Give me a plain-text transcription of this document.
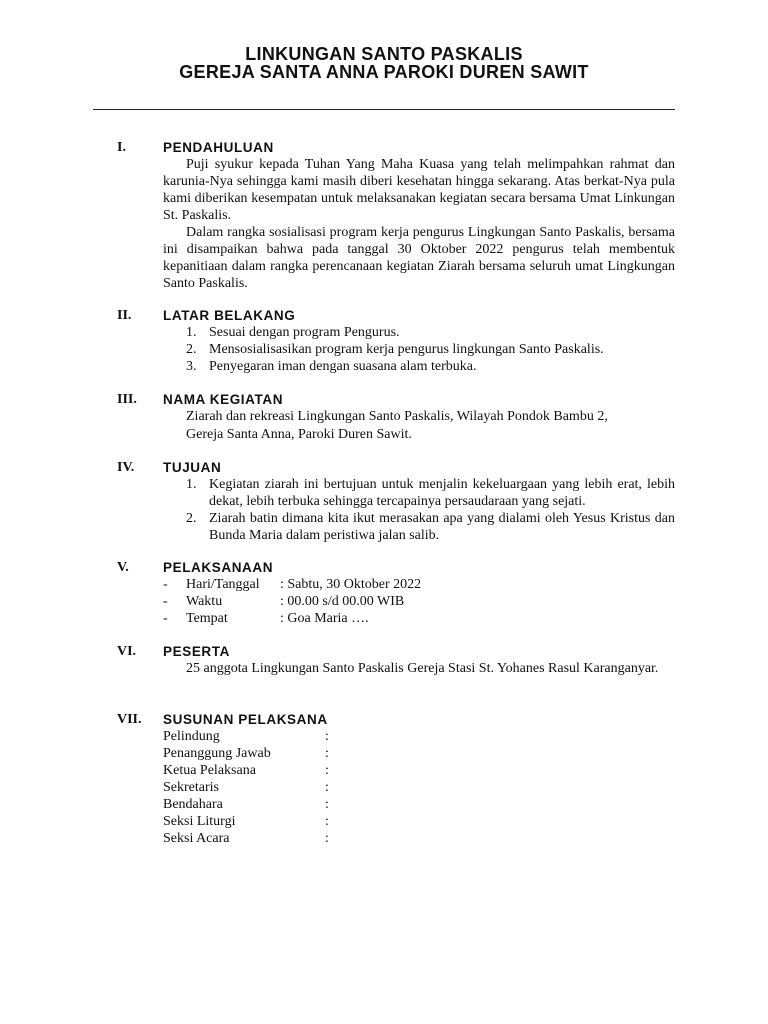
LINKUNGAN SANTO PASKALIS
GEREJA SANTA ANNA PAROKI DUREN SAWIT
I.	PENDAHULUAN
Puji syukur kepada Tuhan Yang Maha Kuasa yang telah melimpahkan rahmat dan karunia-Nya sehingga kami masih diberi kesehatan hingga sekarang. Atas berkat-Nya pula kami diberikan kesempatan untuk melaksanakan kegiatan secara bersama Umat Linkungan St. Paskalis.
Dalam rangka sosialisasi program kerja pengurus Lingkungan Santo Paskalis, bersama ini disampaikan bahwa pada tanggal 30 Oktober 2022 pengurus telah membentuk kepanitiaan dalam rangka perencanaan kegiatan Ziarah bersama seluruh umat Lingkungan Santo Paskalis.
II. LATAR BELAKANG
1. Sesuai dengan program Pengurus.
2. Mensosialisasikan program kerja pengurus lingkungan Santo Paskalis.
3. Penyegaran iman dengan suasana alam terbuka.
III. NAMA KEGIATAN
Ziarah dan rekreasi Lingkungan Santo Paskalis, Wilayah Pondok Bambu 2,
Gereja Santa Anna, Paroki Duren Sawit.
IV. TUJUAN
1. Kegiatan ziarah ini bertujuan untuk menjalin kekeluargaan yang lebih erat, lebih dekat, lebih terbuka sehingga tercapainya persaudaraan yang sejati.
2. Ziarah batin dimana kita ikut merasakan apa yang dialami oleh Yesus Kristus dan Bunda Maria dalam peristiwa jalan salib.
V.	PELAKSANAAN
- Hari/Tanggal : Sabtu, 30 Oktober 2022
- Waktu	: 00.00 s/d 00.00 WIB
- Tempat	: Goa Maria ….
VI. PESERTA
25 anggota Lingkungan Santo Paskalis Gereja Stasi St. Yohanes Rasul Karanganyar.
VII. SUSUNAN PELAKSANA
Pelindung	:
Penanggung Jawab	:
Ketua Pelaksana	:
Sekretaris	:
Bendahara	:
Seksi Liturgi	:
Seksi Acara	:
